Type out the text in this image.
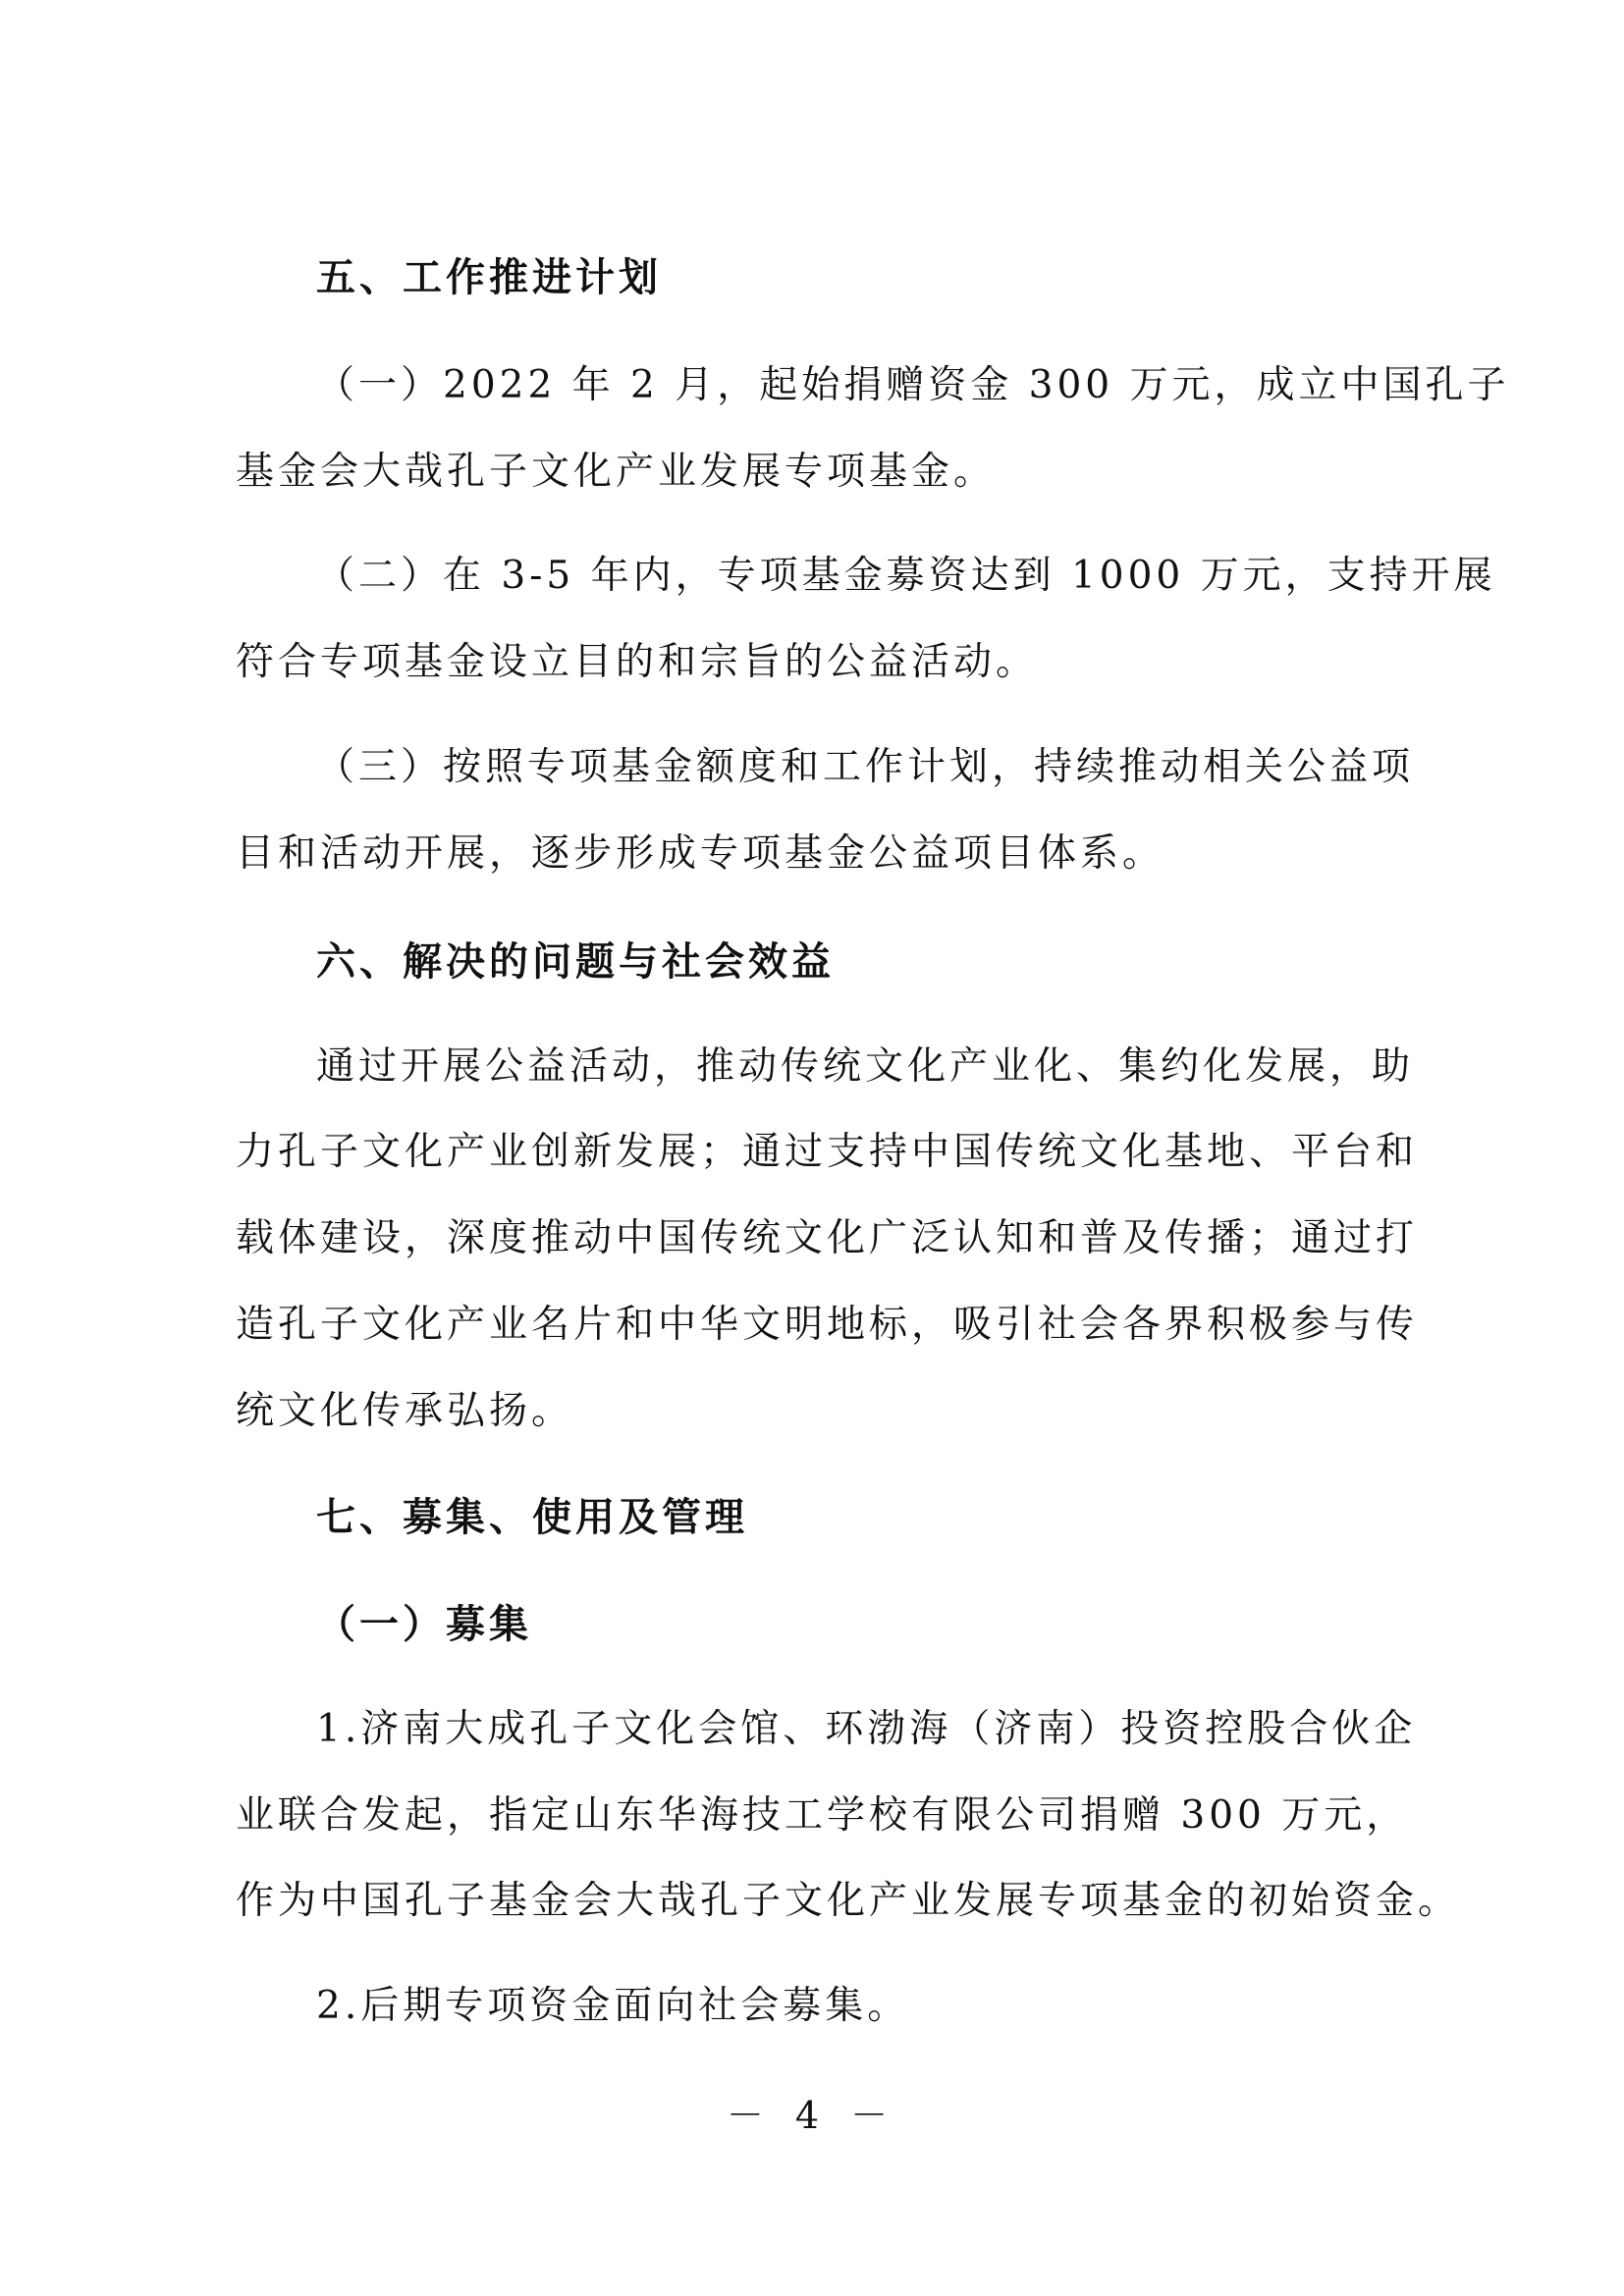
五、工作推进计划
（一）2022 年 2 月，起始捐赠资金 300 万元，成立中国孔子
基金会大哉孔子文化产业发展专项基金。
（二）在 3-5 年内，专项基金募资达到 1000 万元，支持开展
符合专项基金设立目的和宗旨的公益活动。
（三）按照专项基金额度和工作计划，持续推动相关公益项
目和活动开展，逐步形成专项基金公益项目体系。
六、解决的问题与社会效益
通过开展公益活动，推动传统文化产业化、集约化发展，助
力孔子文化产业创新发展；通过支持中国传统文化基地、平台和
载体建设，深度推动中国传统文化广泛认知和普及传播；通过打
造孔子文化产业名片和中华文明地标，吸引社会各界积极参与传
统文化传承弘扬。
七、募集、使用及管理
（一）募集
1.济南大成孔子文化会馆、环渤海（济南）投资控股合伙企
业联合发起，指定山东华海技工学校有限公司捐赠 300 万元，
作为中国孔子基金会大哉孔子文化产业发展专项基金的初始资金。
2.后期专项资金面向社会募集。
－ 4 －
